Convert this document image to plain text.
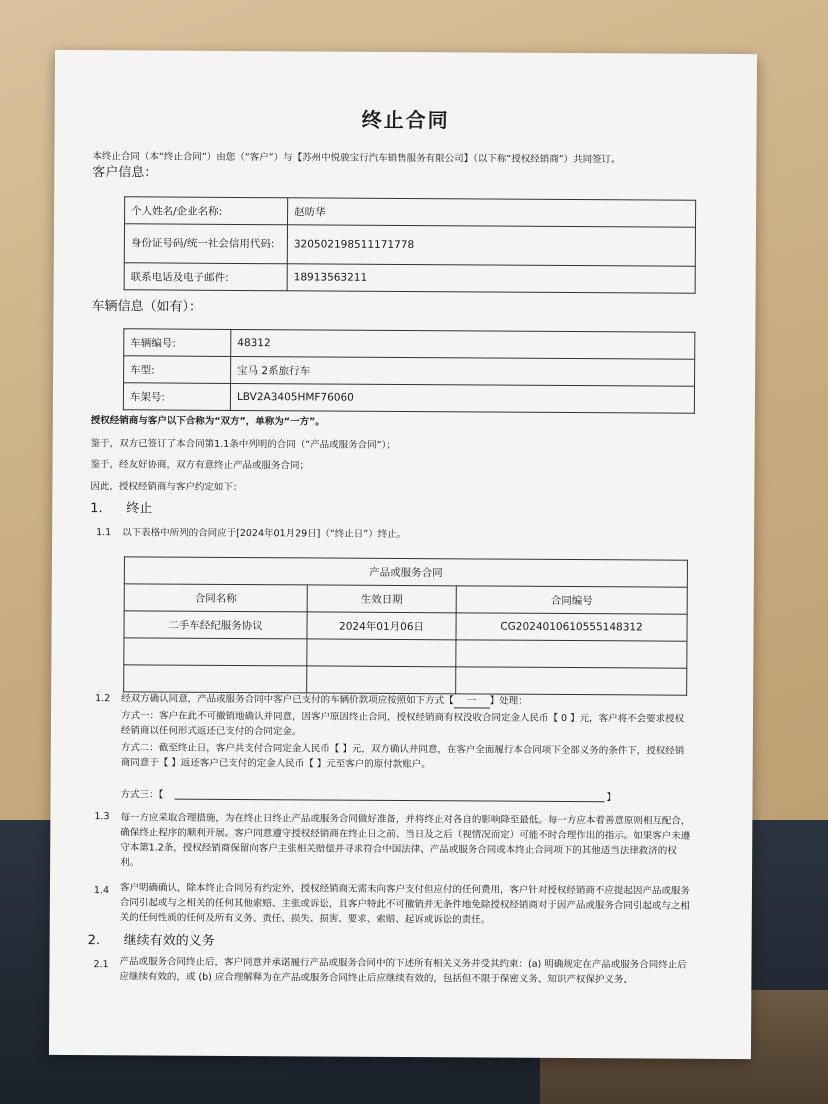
终止合同
本终止合同（本“终止合同”）由您（“客户”）与【苏州中悦骏宝行汽车销售服务有限公司】（以下称“授权经销商”）共同签订。
客户信息：
个人姓名/企业名称:	赵昉华
身份证号码/统一社会信用代码:	320502198511171778
联系电话及电子邮件:	18913563211
车辆信息（如有）：
车辆编号:	48312
车型:	宝马 2系旅行车
车架号:	LBV2A3405HMF76060
授权经销商与客户以下合称为“双方”，单称为“一方”。
鉴于，双方已签订了本合同第1.1条中列明的合同（“产品或服务合同”）；
鉴于，经友好协商，双方有意终止产品或服务合同；
因此，授权经销商与客户约定如下：
1. 终止
1.1 以下表格中所列的合同应于[2024年01月29日]（“终止日”）终止。
产品或服务合同		
合同名称	生效日期	合同编号
二手车经纪服务协议	2024年01月06日	CG20240106105551483​12

1.2 经双方确认同意，产品或服务合同中客户已支付的车辆价款项应按照如下方式【 一 】处理：
方式一：客户在此不可撤销地确认并同意，因客户原因终止合同，授权经销商有权没收合同定金人民币【 0 】元，客户将不会要求授权经销商以任何形式返还已支付的合同定金。
方式二：截至终止日，客户共支付合同定金人民币【 】元，双方确认并同意，在客户全面履行本合同项下全部义务的条件下，授权经销商同意于【 】返还客户已支付的定金人民币【 】元至客户的原付款账户。
方式三：【	】
1.3 每一方应采取合理措施，为在终止日终止产品或服务合同做好准备，并将终止对各自的影响降至最低。每一方应本着善意原则相互配合，确保终止程序的顺利开展。客户同意遵守授权经销商在终止日之前、当日及之后（视情况而定）可能不时合理作出的指示。如果客户未遵守本第1.2条，授权经销商保留向客户主张相关赔偿并寻求符合中国法律、产品或服务合同或本终止合同项下的其他适当法律救济的权利。
1.4 客户明确确认，除本终止合同另有约定外，授权经销商无需未向客户支付但应付的任何费用，客户针对授权经销商不应提起因产品或服务合同引起或与之相关的任何其他索赔、主张或诉讼，且客户特此不可撤销并无条件地免除授权经销商对于因产品或服务合同引起或与之相关的任何性质的任何及所有义务、责任、损失、损害、要求、索赔、起诉或诉讼的责任。
2. 继续有效的义务
2.1 产品或服务合同终止后，客户同意并承诺履行产品或服务合同中的下述所有相关义务并受其约束：(a) 明确规定在产品或服务合同终止后应继续有效的，或 (b) 应合理解释为在产品或服务合同终止后应继续有效的，包括但不限于保密义务、知识产权保护义务、
